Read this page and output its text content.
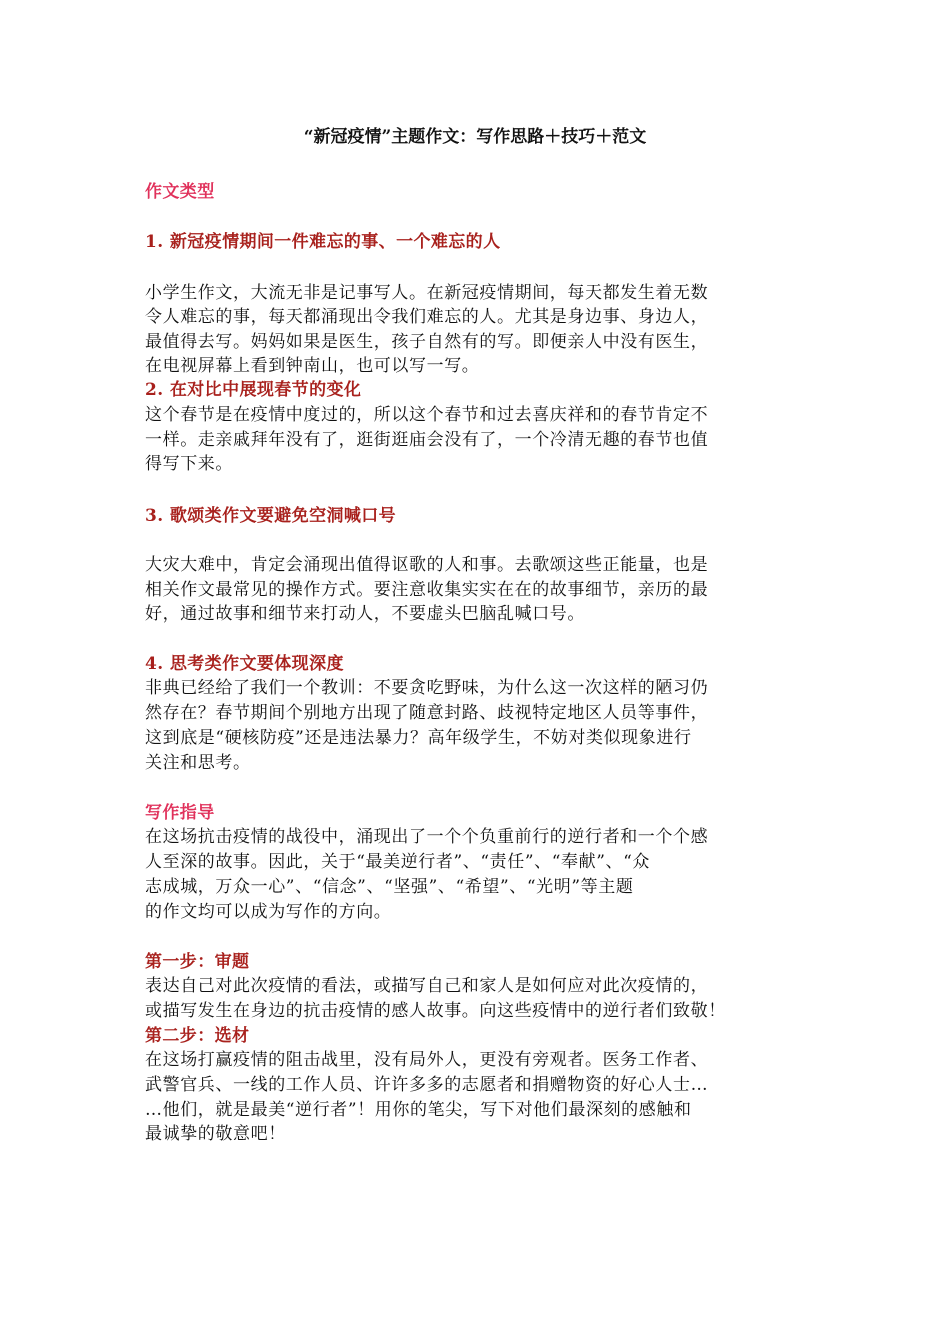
“新冠疫情”主题作文：写作思路＋技巧＋范文
作文类型
1. 新冠疫情期间一件难忘的事、一个难忘的人
小学生作文，大流无非是记事写人。在新冠疫情期间，每天都发生着无数
令人难忘的事，每天都涌现出令我们难忘的人。尤其是身边事、身边人，
最值得去写。妈妈如果是医生，孩子自然有的写。即便亲人中没有医生，
在电视屏幕上看到钟南山，也可以写一写。
2. 在对比中展现春节的变化
这个春节是在疫情中度过的，所以这个春节和过去喜庆祥和的春节肯定不
一样。走亲戚拜年没有了，逛街逛庙会没有了，一个冷清无趣的春节也值
得写下来。
3. 歌颂类作文要避免空洞喊口号
大灾大难中，肯定会涌现出值得讴歌的人和事。去歌颂这些正能量，也是
相关作文最常见的操作方式。要注意收集实实在在的故事细节，亲历的最
好，通过故事和细节来打动人，不要虚头巴脑乱喊口号。
4. 思考类作文要体现深度
非典已经给了我们一个教训：不要贪吃野味，为什么这一次这样的陋习仍
然存在？春节期间个别地方出现了随意封路、歧视特定地区人员等事件，
这到底是“硬核防疫”还是违法暴力？高年级学生，不妨对类似现象进行
关注和思考。
写作指导
在这场抗击疫情的战役中，涌现出了一个个负重前行的逆行者和一个个感
人至深的故事。因此，关于“最美逆行者”、“责任”、“奉献”、“众
志成城，万众一心”、“信念”、“坚强”、“希望”、“光明”等主题
的作文均可以成为写作的方向。
第一步：审题
表达自己对此次疫情的看法，或描写自己和家人是如何应对此次疫情的，
或描写发生在身边的抗击疫情的感人故事。向这些疫情中的逆行者们致敬！
第二步：选材
在这场打赢疫情的阻击战里，没有局外人，更没有旁观者。医务工作者、
武警官兵、一线的工作人员、许许多多的志愿者和捐赠物资的好心人士…
…他们，就是最美“逆行者”！用你的笔尖，写下对他们最深刻的感触和
最诚挚的敬意吧！
